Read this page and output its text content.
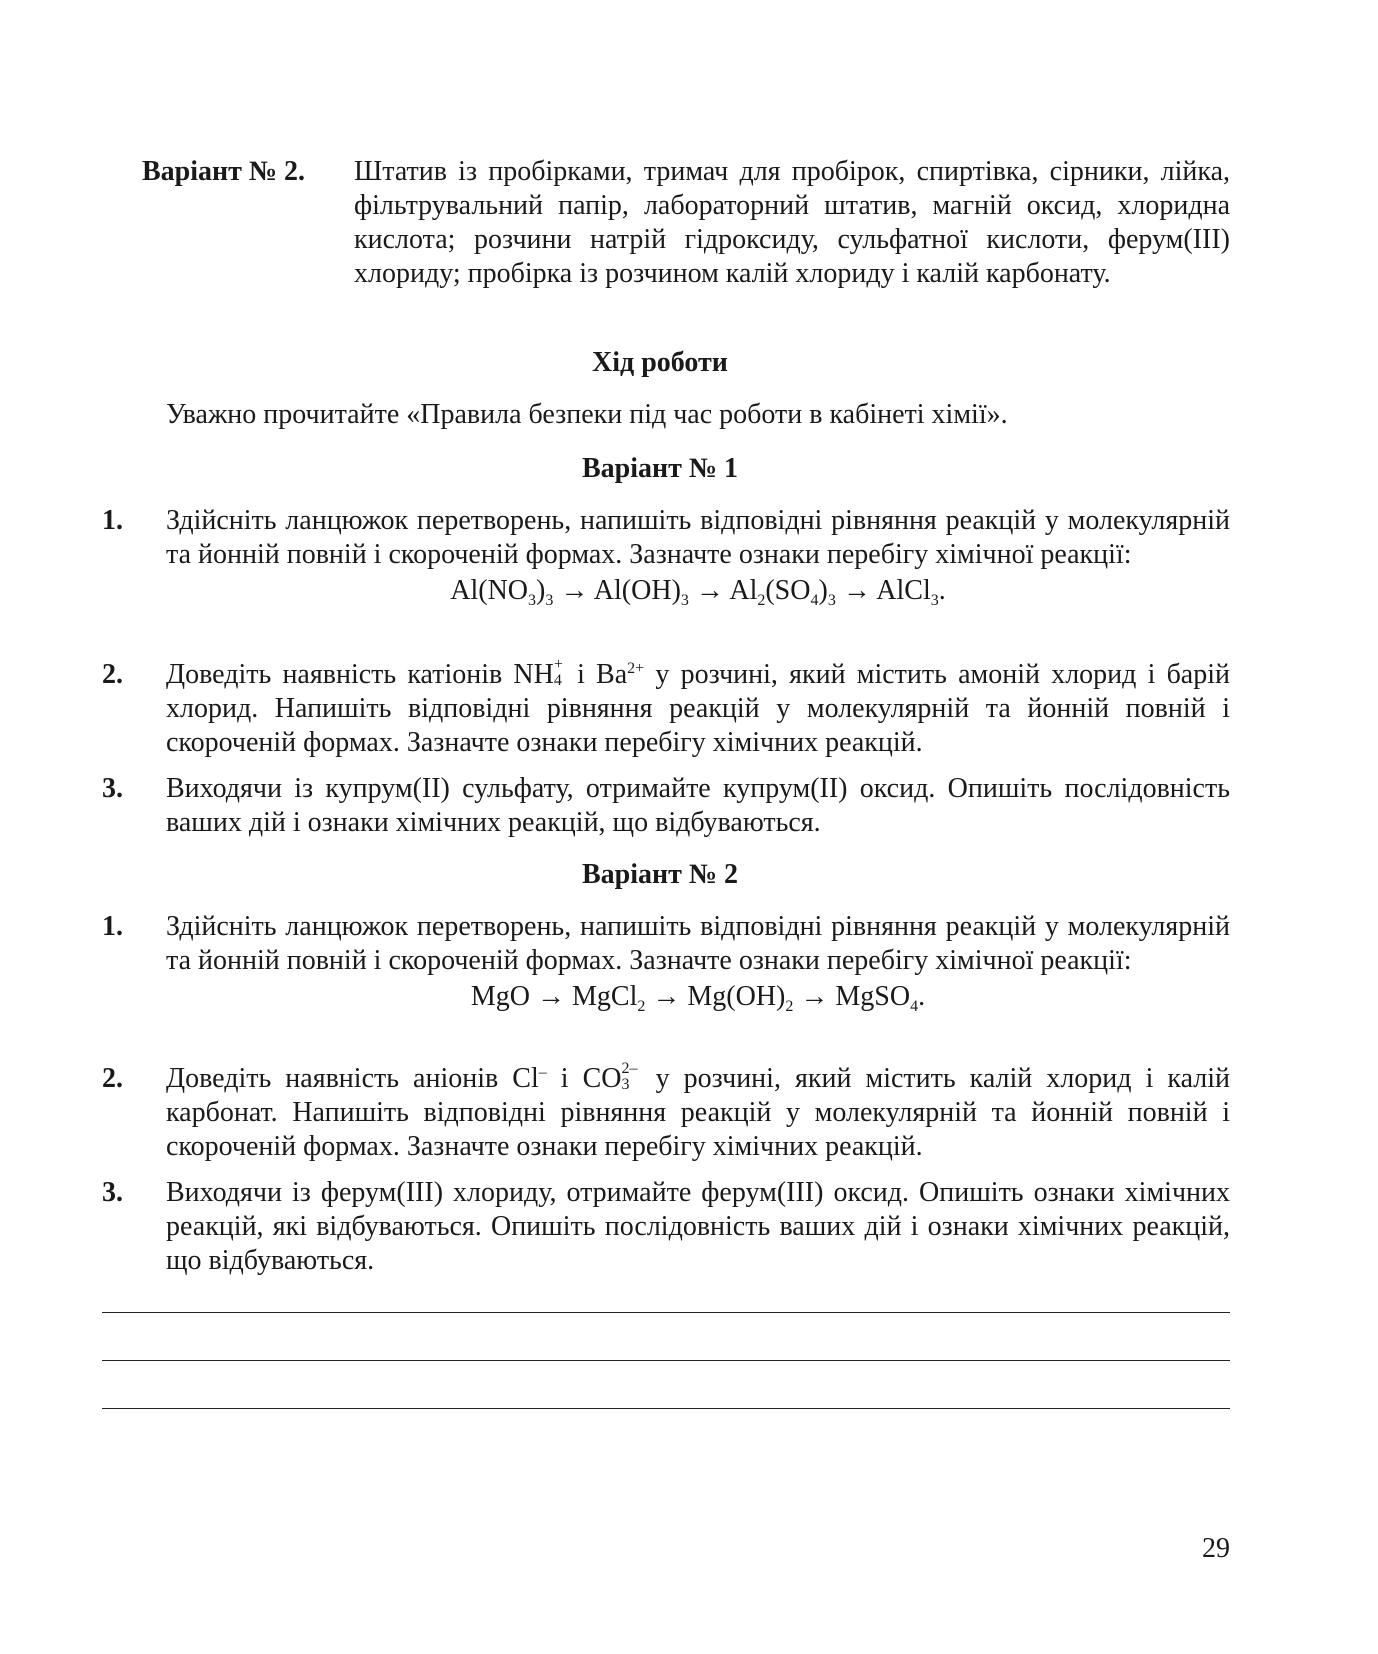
Варіант № 2. Штатив із пробірками, тримач для пробірок, спиртівка, сірники, лійка, фільтрувальний папір, лабораторний штатив, магній оксид, хлоридна кислота; розчини натрій гідроксиду, сульфатної кислоти, ферум(ІІІ) хлориду; пробірка із розчином калій хлориду і калій карбонату.
Хід роботи
Уважно прочитайте «Правила безпеки під час роботи в кабінеті хімії».
Варіант № 1
1. Здійсніть ланцюжок перетворень, напишіть відповідні рівняння реакцій у молекулярній та йонній повній і скороченій формах. Зазначте ознаки перебігу хімічної реакції:
$Al(NO_3)_3 \to Al(OH)_3 \to Al_2(SO_4)_3$ → AlCl$_3$.
2. Доведіть наявність катіонів NH +
4 і $Ba^{2+}$ у розчині, який містить амоній хлорид і барій хлорид. Напишіть відповідні рівняння реакцій у молекулярній та йонній повній і скороченій формах. Зазначте ознаки перебігу хімічних реакцій.
3. Виходячи із купрум(ІІ) сульфату, отримайте купрум(ІІ) оксид. Опишіть послідовність ваших дій і ознаки хімічних реакцій, що відбуваються.
Варіант № 2
1. Здійсніть ланцюжок перетворень, напишіть відповідні рівняння реакцій у молекулярній та йонній повній і скороченій формах. Зазначте ознаки перебігу хімічної реакції:
MgO → MgCl$_2$ → $Mg(OH)_2$ → MgSO$_4$.
2. Доведіть наявність аніонів Cl– і CO 2–
3 у розчині, який містить калій хлорид і калій карбонат. Напишіть відповідні рівняння реакцій у молекулярній та йонній повній і скороченій формах. Зазначте ознаки перебігу хімічних реакцій.
3. Виходячи із ферум(ІІІ) хлориду, отримайте ферум(ІІІ) оксид. Опишіть ознаки хімічних реакцій, які відбуваються. Опишіть послідовність ваших дій і ознаки хімічних реакцій, що відбуваються.
29
